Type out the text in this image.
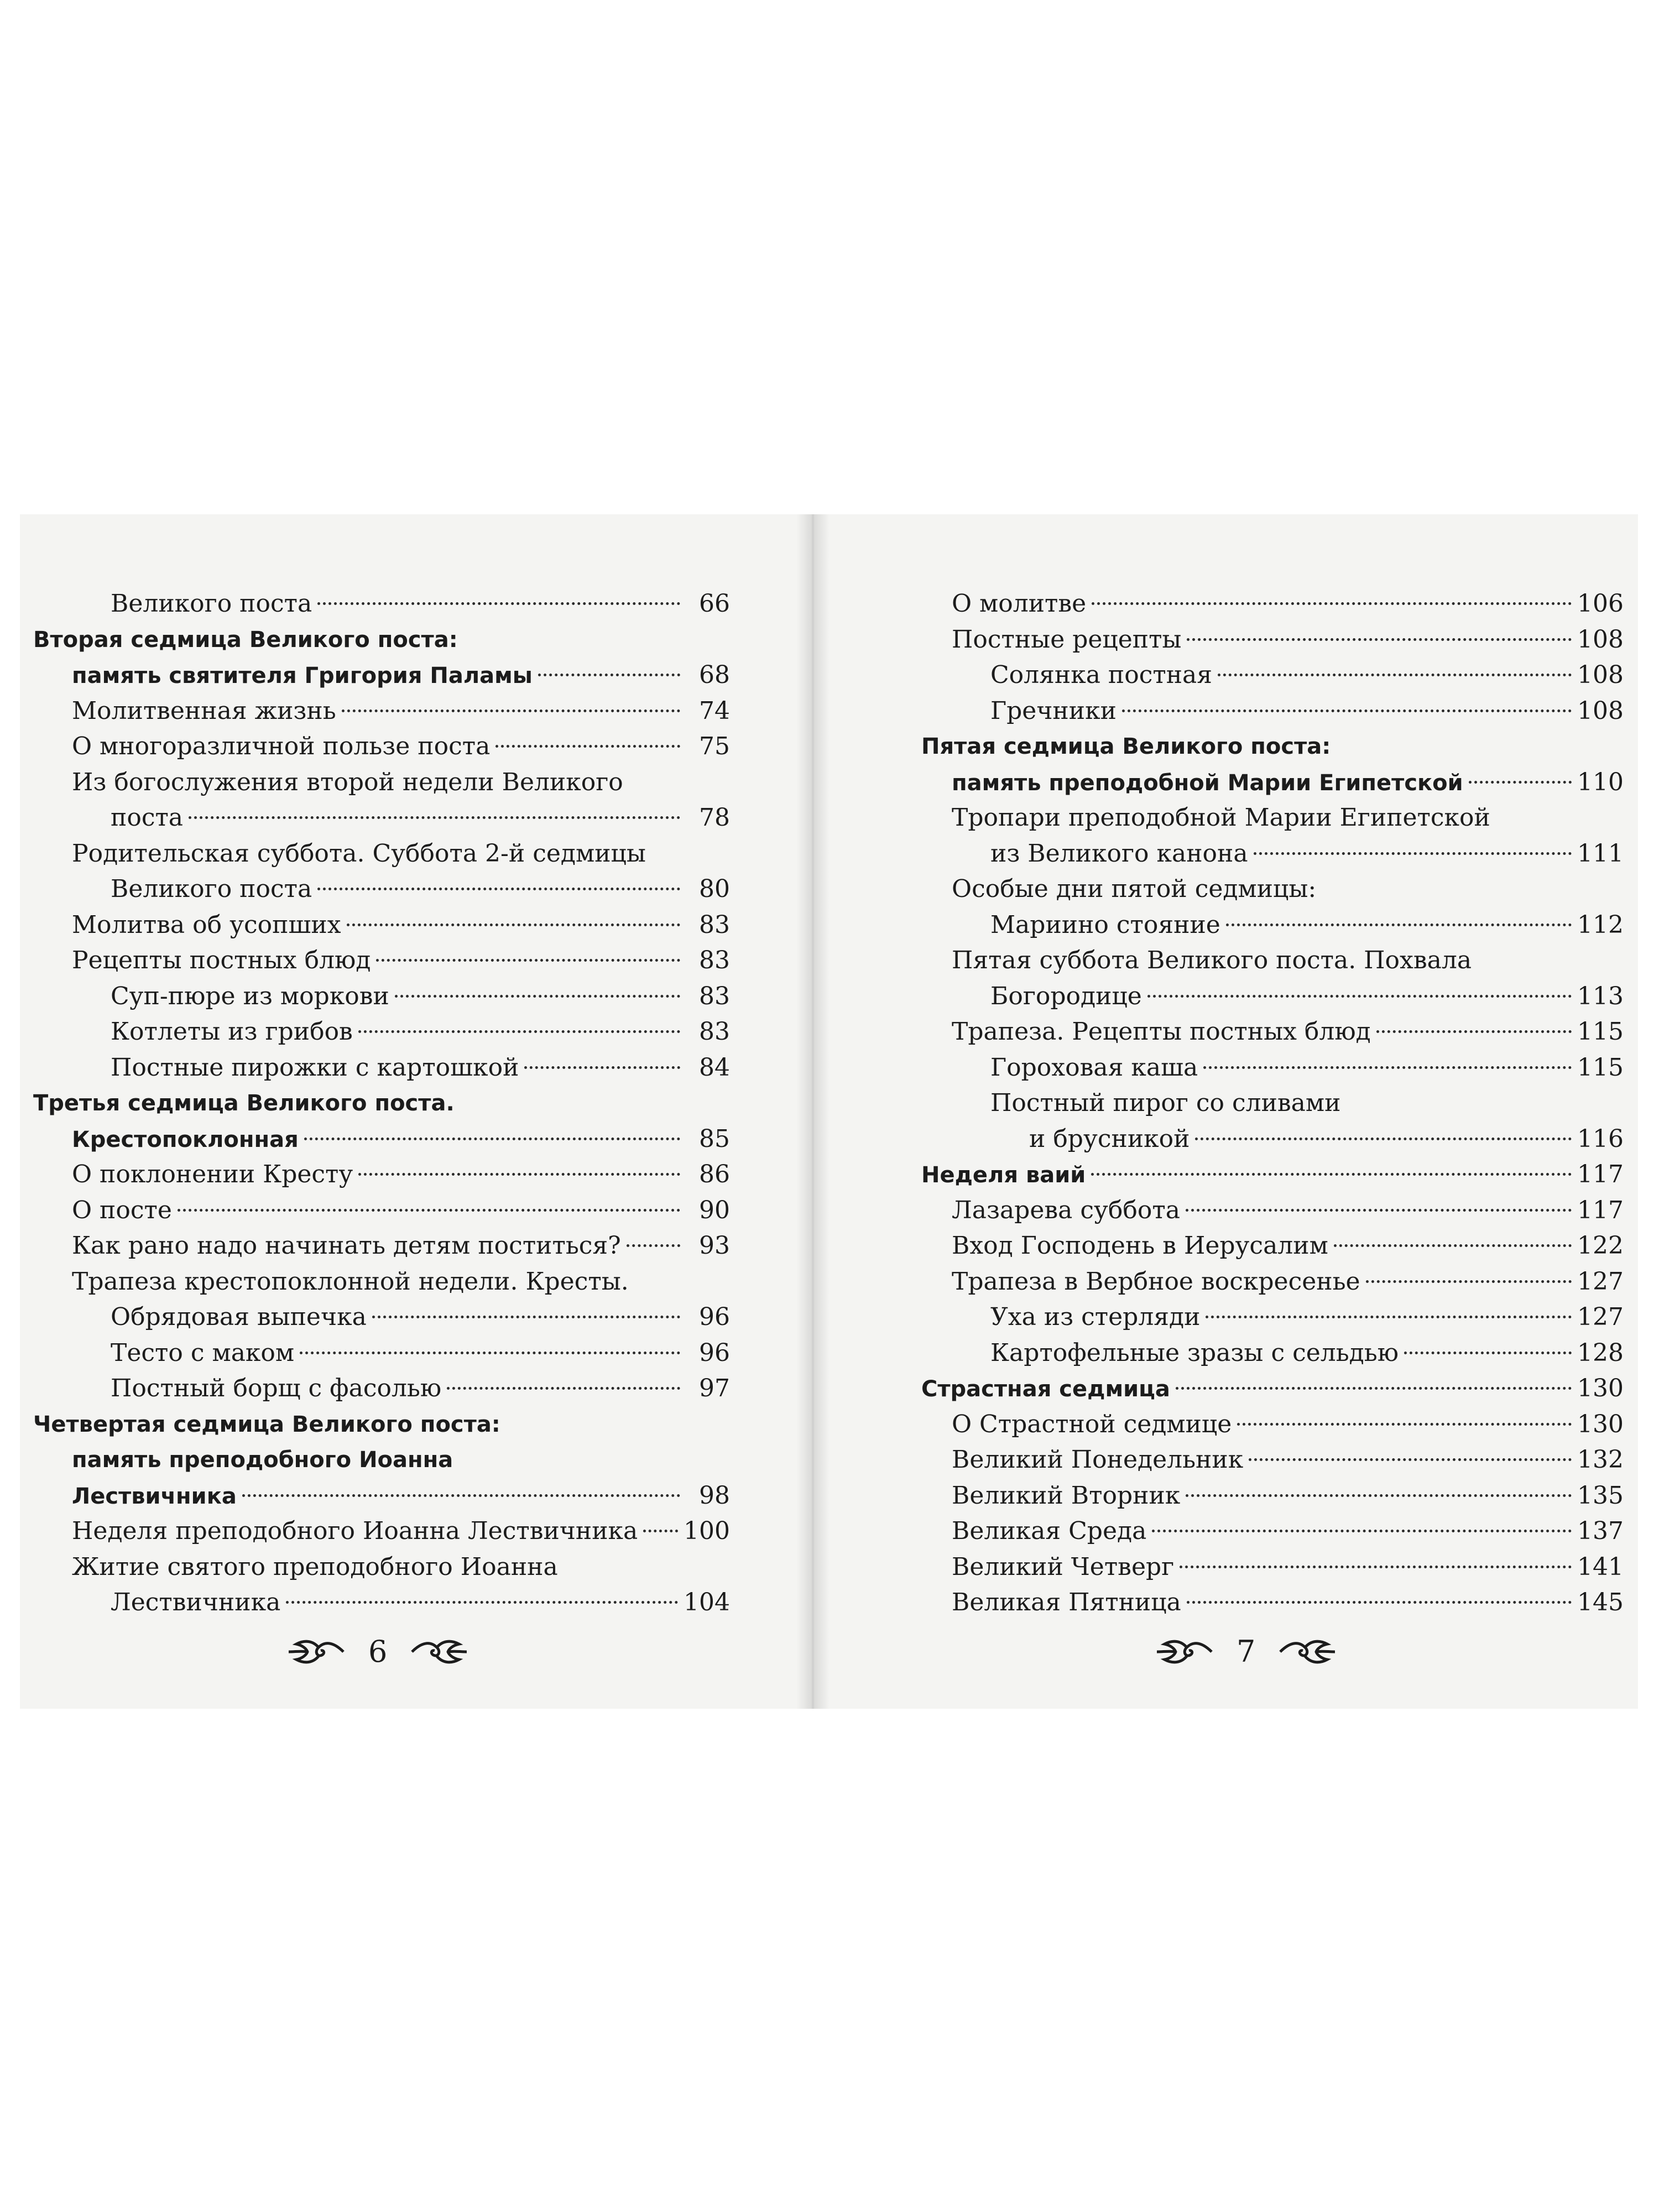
Великого поста	66
Вторая седмица Великого поста:
память святителя Григория Паламы	68
Молитвенная жизнь	74
О многоразличной пользе поста	75
Из богослужения второй недели Великого
поста	78
Родительская суббота. Суббота 2-й седмицы
Великого поста	80
Молитва об усопших	83
Рецепты постных блюд	83
Суп-пюре из моркови	83
Котлеты из грибов	83
Постные пирожки с картошкой	84
Третья седмица Великого поста.
Крестопоклонная	85
О поклонении Кресту	86
О посте	90
Как рано надо начинать детям поститься?	93
Трапеза крестопоклонной недели. Кресты.
Обрядовая выпечка	96
Тесто с маком	96
Постный борщ с фасолью	97
Четвертая седмица Великого поста:
память преподобного Иоанна
Лествичника	98
Неделя преподобного Иоанна Лествичника 100
Житие святого преподобного Иоанна
Лествичника	104
6
О молитве	106
Постные рецепты	108
Солянка постная	108
Гречники	108
Пятая седмица Великого поста:
память преподобной Марии Египетской	110
Тропари преподобной Марии Египетской
из Великого канона	111
Особые дни пятой седмицы:
Мариино стояние	112
Пятая суббота Великого поста. Похвала
Богородице	113
Трапеза. Рецепты постных блюд	115
Гороховая каша	115
Постный пирог со сливами
и брусникой	116
Неделя ваий	117
Лазарева суббота	117
Вход Господень в Иерусалим	122
Трапеза в Вербное воскресенье	127
Уха из стерляди	127
Картофельные зразы с сельдью	128
Страстная седмица	130
О Страстной седмице	130
Великий Понедельник	132
Великий Вторник	135
Великая Среда	137
Великий Четверг	141
Великая Пятница	145
7
